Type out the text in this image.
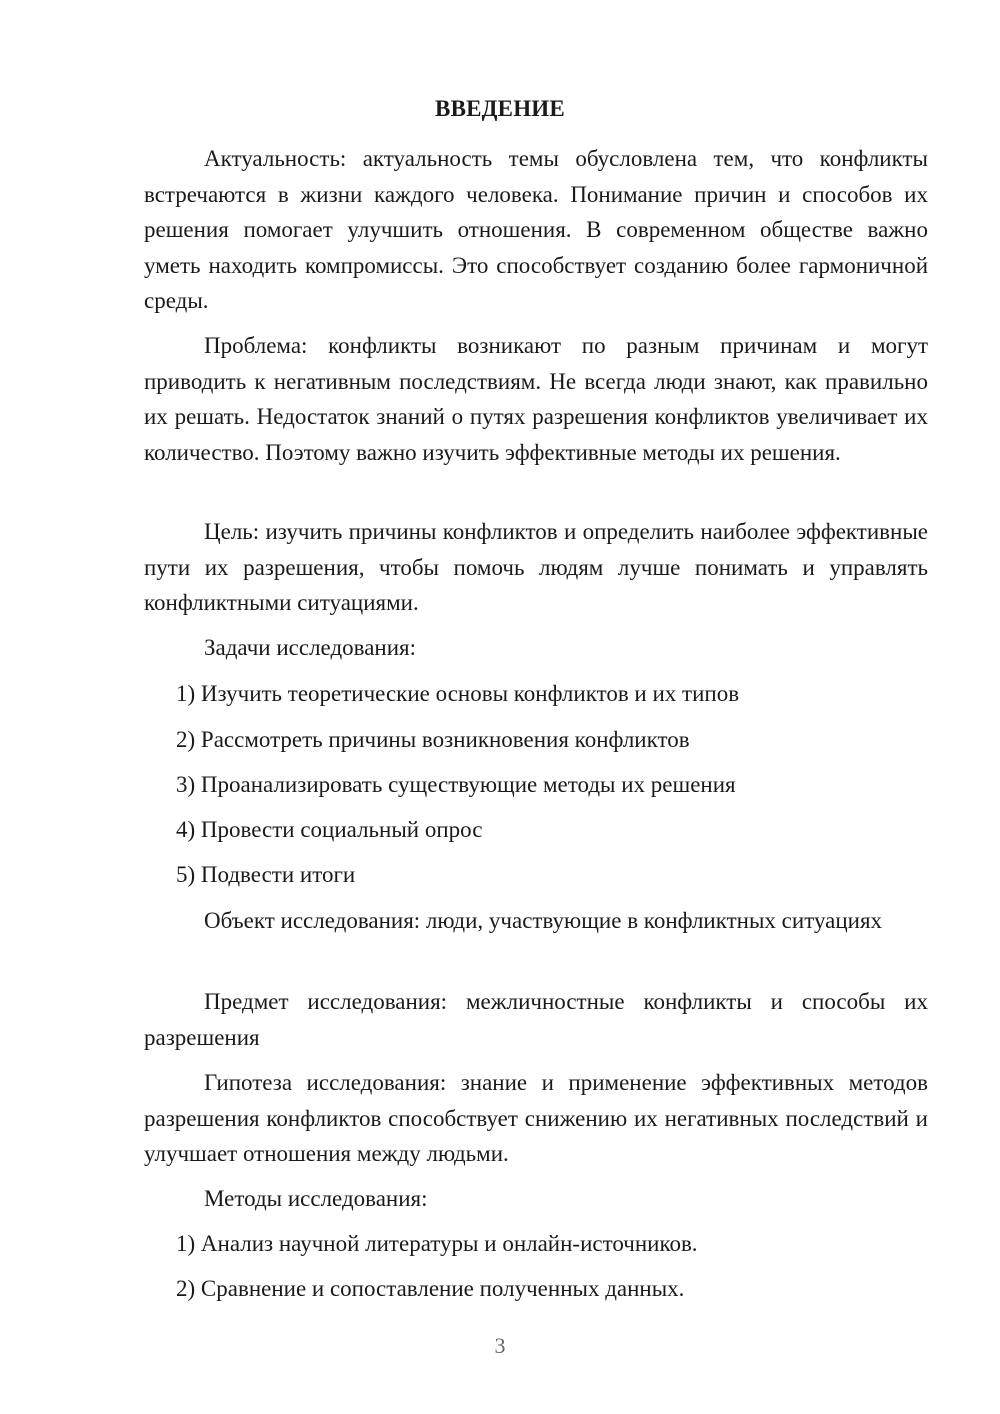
ВВЕДЕНИЕ
Актуальность: актуальность темы обусловлена тем, что конфликты встречаются в жизни каждого человека. Понимание причин и способов их решения помогает улучшить отношения. В современном обществе важно уметь находить компромиссы. Это способствует созданию более гармоничной среды.
Проблема: конфликты возникают по разным причинам и могут приводить к негативным последствиям. Не всегда люди знают, как правильно их решать. Недостаток знаний о путях разрешения конфликтов увеличивает их количество. Поэтому важно изучить эффективные методы их решения.
Цель: изучить причины конфликтов и определить наиболее эффективные пути их разрешения, чтобы помочь людям лучше понимать и управлять конфликтными ситуациями.
Задачи исследования:
1) Изучить теоретические основы конфликтов и их типов
2) Рассмотреть причины возникновения конфликтов
3) Проанализировать существующие методы их решения
4) Провести социальный опрос
5) Подвести итоги
Объект исследования: люди, участвующие в конфликтных ситуациях
Предмет исследования: межличностные конфликты и способы их разрешения
Гипотеза исследования: знание и применение эффективных методов разрешения конфликтов способствует снижению их негативных последствий и улучшает отношения между людьми.
Методы исследования:
1) Анализ научной литературы и онлайн-источников.
2) Сравнение и сопоставление полученных данных.
3
